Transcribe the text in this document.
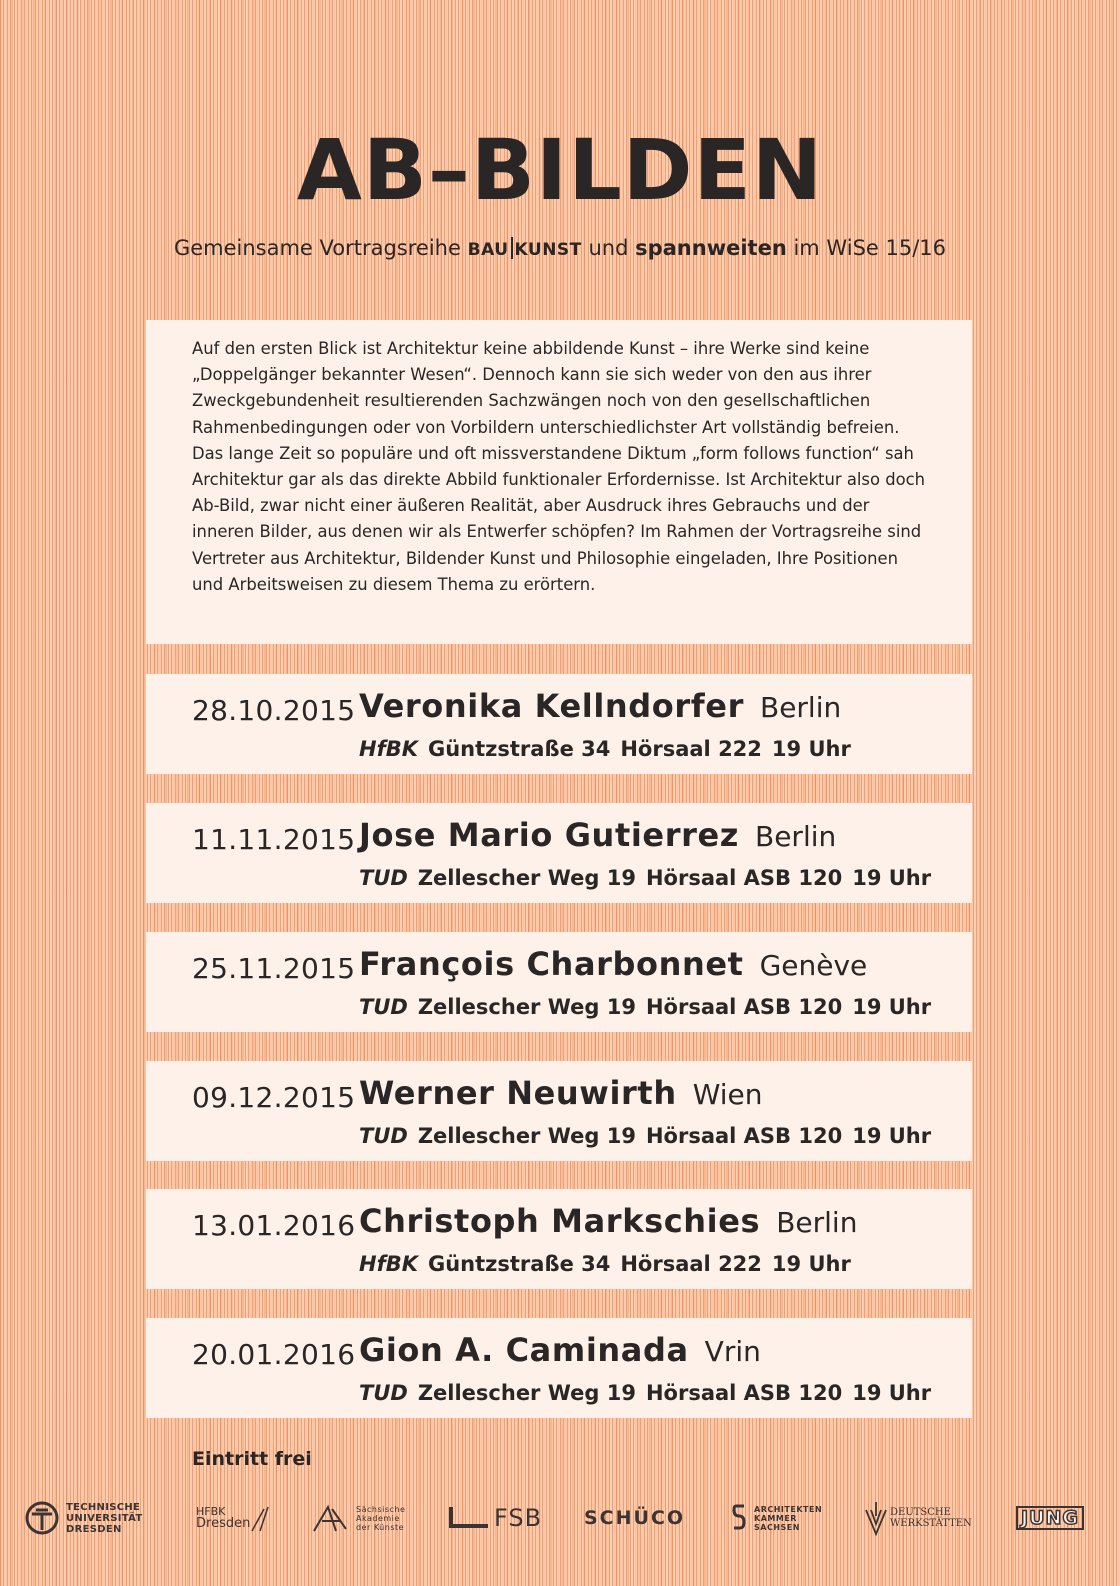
AB–BILDEN
Gemeinsame Vortragsreihe BAU KUNST und spannweiten im WiSe 15/16

Auf den ersten Blick ist Architektur keine abbildende Kunst – ihre Werke sind keine „Doppelgänger bekannter Wesen“. Dennoch kann sie sich weder von den aus ihrer Zweckgebundenheit resultierenden Sachzwängen noch von den gesellschaftlichen Rahmenbedingungen oder von Vorbildern unterschiedlichster Art vollständig befreien. Das lange Zeit so populäre und oft missverstandene Diktum „form follows function“ sah Architektur gar als das direkte Abbild funktionaler Erfordernisse. Ist Architektur also doch Ab-Bild, zwar nicht einer äußeren Realität, aber Ausdruck ihres Gebrauchs und der inneren Bilder, aus denen wir als Entwerfer schöpfen? Im Rahmen der Vortragsreihe sind Vertreter aus Architektur, Bildender Kunst und Philosophie eingeladen, Ihre Positionen und Arbeitsweisen zu diesem Thema zu erörtern.

28.10.2015 Veronika Kellndorfer Berlin
HfBK Güntzstraße 34 Hörsaal 222 19 Uhr
11.11.2015 Jose Mario Gutierrez Berlin
TUD Zellescher Weg 19 Hörsaal ASB 120 19 Uhr
25.11.2015 François Charbonnet Genève
TUD Zellescher Weg 19 Hörsaal ASB 120 19 Uhr
09.12.2015 Werner Neuwirth Wien
TUD Zellescher Weg 19 Hörsaal ASB 120 19 Uhr
13.01.2016 Christoph Markschies Berlin
HfBK Güntzstraße 34 Hörsaal 222 19 Uhr
20.01.2016 Gion A. Caminada Vrin
TUD Zellescher Weg 19 Hörsaal ASB 120 19 Uhr
Eintritt frei
TECHNISCHE
UNIVERSITÄT
DRESDEN
HFBK
Dresden
Sächsische
Akademie
der Künste	FSB SCHÜCO	ARCHITEKTEN
KAMMER
SACHSEN
DEUTSCHE
WERKSTÄTTEN	JUNG
